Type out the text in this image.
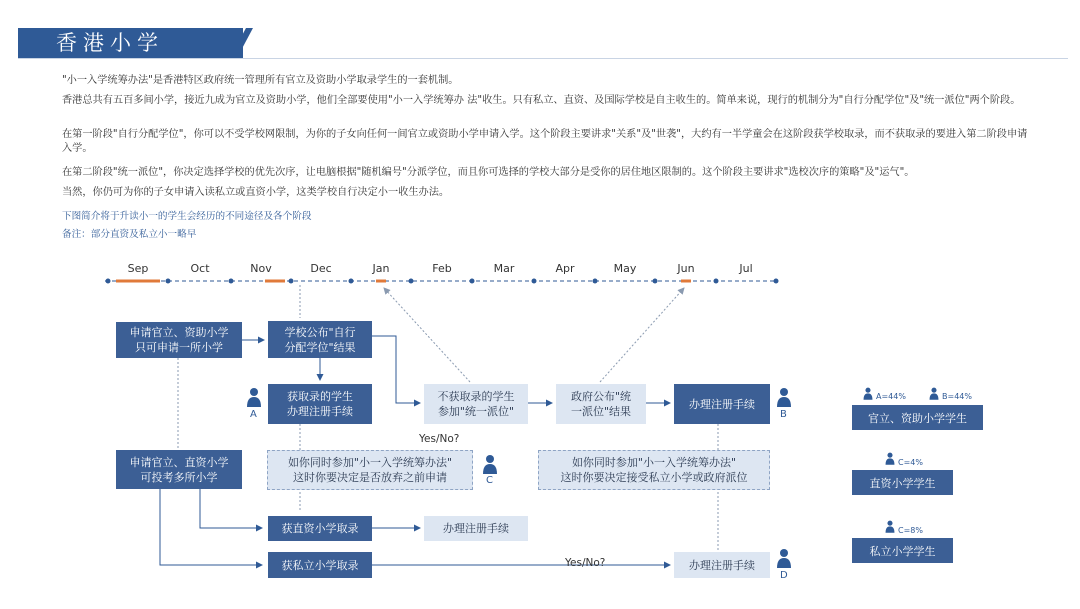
香港小学

"小一入学统筹办法"是香港特区政府统一管理所有官立及资助小学取录学生的一套机制。

香港总共有五百多间小学，接近九成为官立及资助小学，他们全部要使用"小一入学统筹办 法"收生。只有私立、直资、及国际学校是自主收生的。简单来说，现行的机制分为"自行分配学位"及"统一派位"两个阶段。

在第一阶段"自行分配学位"，你可以不受学校网限制，为你的子女向任何一间官立或资助小学申请入学。这个阶段主要讲求"关系"及"世袭"，大约有一半学童会在这阶段获学校取录，而不获取录的要进入第二阶段申请入学。

在第二阶段"统一派位"，你决定选择学校的优先次序，让电脑根据"随机编号"分派学位，而且你可选择的学校大部分是受你的居住地区限制的。这个阶段主要讲求"选校次序的策略"及"运气"。

当然，你仍可为你的子女申请入读私立或直资小学，这类学校自行决定小一收生办法。

下图简介将于升读小一的学生会经历的不同途径及各个阶段
备注：部分直资及私立小一略早
Sep	Oct	Nov	Dec	Jan	Feb	Mar	Apr	May	Jun	Jul
申请官立、资助小学
只可申请一所小学
学校公布"自行
分配学位"结果
获取录的学生
办理注册手续
不获取录的学生
参加"统一派位"
政府公布"统
一派位"结果
办理注册手续
申请官立、直资小学
可投考多所小学
如你同时参加"小一入学统筹办法"
这时你要决定是否放弃之前申请
如你同时参加"小一入学统筹办法"
这时你要决定接受私立小学或政府派位
获直资小学取录	办理注册手续
获私立小学取录	办理注册手续
Yes/No?
Yes/No?
A	B
C
D
A=44%	B=44%
官立、资助小学学生
C=4%
直资小学学生
C=8%
私立小学学生
